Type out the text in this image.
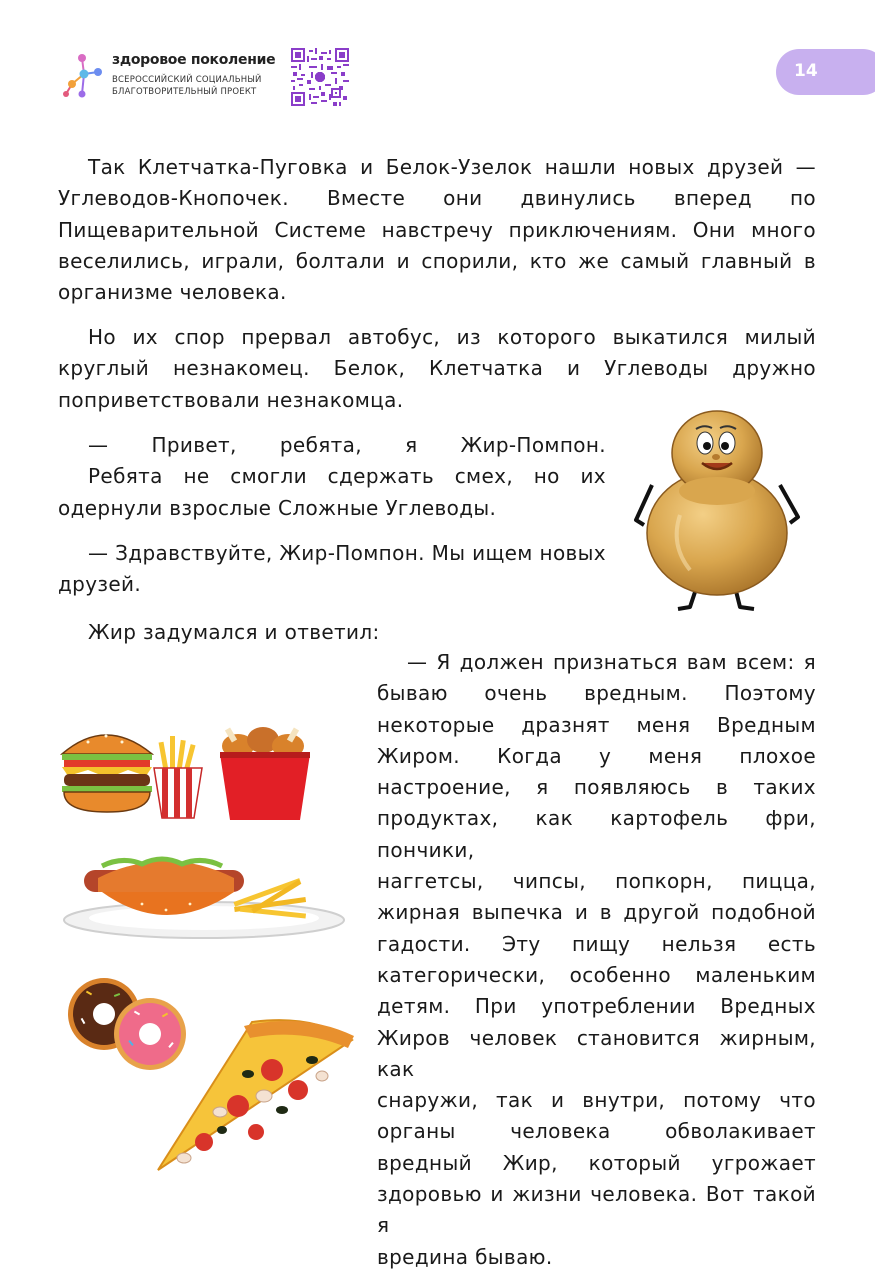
здоровое поколение
ВСЕРОССИЙСКИЙ СОЦИАЛЬНЫЙ
БЛАГОТВОРИТЕЛЬНЫЙ ПРОЕКТ
14
Так Клетчатка-Пуговка и Белок-Узелок нашли новых друзей —
Углеводов-Кнопочек. Вместе они двинулись вперед по
Пищеварительной Системе навстречу приключениям. Они много
веселились, играли, болтали и спорили, кто же самый главный в
организме человека.
Но их спор прервал автобус, из которого выкатился милый
круглый незнакомец. Белок, Клетчатка и Углеводы дружно
поприветствовали незнакомца.
— Привет, ребята, я Жир-Помпон.
Ребята не смогли сдержать смех, но их
одернули взрослые Сложные Углеводы.
— Здравствуйте, Жир-Помпон. Мы ищем новых
друзей.
Жир задумался и ответил:
— Я должен признаться вам всем: я
бываю очень вредным. Поэтому
некоторые дразнят меня Вредным
Жиром. Когда у меня плохое
настроение, я появляюсь в таких
продуктах, как картофель фри, пончики,
наггетсы, чипсы, попкорн, пицца,
жирная выпечка и в другой подобной
гадости. Эту пищу нельзя есть
категорически, особенно маленьким
детям. При употреблении Вредных
Жиров человек становится жирным, как
снаружи, так и внутри, потому что
органы человека обволакивает
вредный Жир, который угрожает
здоровью и жизни человека. Вот такой я
вредина бываю.
